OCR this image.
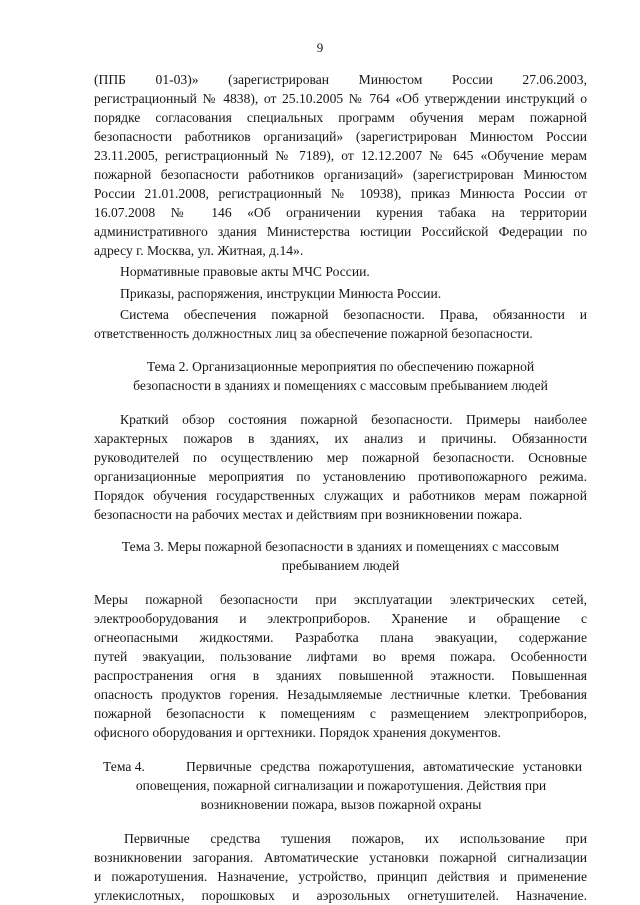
9
(ППБ 01-03)» (зарегистрирован Минюстом России 27.06.2003,
регистрационный № 4838), от 25.10.2005 № 764 «Об утверждении инструкций о
порядке согласования специальных программ обучения мерам пожарной
безопасности работников организаций» (зарегистрирован Минюстом России
23.11.2005, регистрационный № 7189), от 12.12.2007 № 645 «Обучение мерам
пожарной безопасности работников организаций» (зарегистрирован Минюстом
России 21.01.2008, регистрационный № 10938), приказ Минюста России от
16.07.2008 № 146 «Об ограничении курения табака на территории
административного здания Министерства юстиции Российской Федерации по
адресу г. Москва, ул. Житная, д.14».
Нормативные правовые акты МЧС России.
Приказы, распоряжения, инструкции Минюста России.
Система обеспечения пожарной безопасности. Права, обязанности и
ответственность должностных лиц за обеспечение пожарной безопасности.
Тема 2. Организационные мероприятия по обеспечению пожарной
безопасности в зданиях и помещениях с массовым пребыванием людей
Краткий обзор состояния пожарной безопасности. Примеры наиболее
характерных пожаров в зданиях, их анализ и причины. Обязанности
руководителей по осуществлению мер пожарной безопасности. Основные
организационные мероприятия по установлению противопожарного режима.
Порядок обучения государственных служащих и работников мерам пожарной
безопасности на рабочих местах и действиям при возникновении пожара.
Тема 3. Меры пожарной безопасности в зданиях и помещениях с массовым
пребыванием людей
Меры пожарной безопасности при эксплуатации электрических сетей,
электрооборудования и электроприборов. Хранение и обращение с
огнеопасными жидкостями. Разработка плана эвакуации, содержание
путей эвакуации, пользование лифтами во время пожара. Особенности
распространения огня в зданиях повышенной этажности. Повышенная
опасность продуктов горения. Незадымляемые лестничные клетки. Требования
пожарной безопасности к помещениям с размещением электроприборов,
офисного оборудования и оргтехники. Порядок хранения документов.
Тема 4.	Первичные средства пожаротушения, автоматические установки
оповещения, пожарной сигнализации и пожаротушения. Действия при
возникновении пожара, вызов пожарной охраны
Первичные средства тушения пожаров, их использование при
возникновении загорания. Автоматические установки пожарной сигнализации
и пожаротушения. Назначение, устройство, принцип действия и применение
углекислотных, порошковых и аэрозольных огнетушителей. Назначение.
